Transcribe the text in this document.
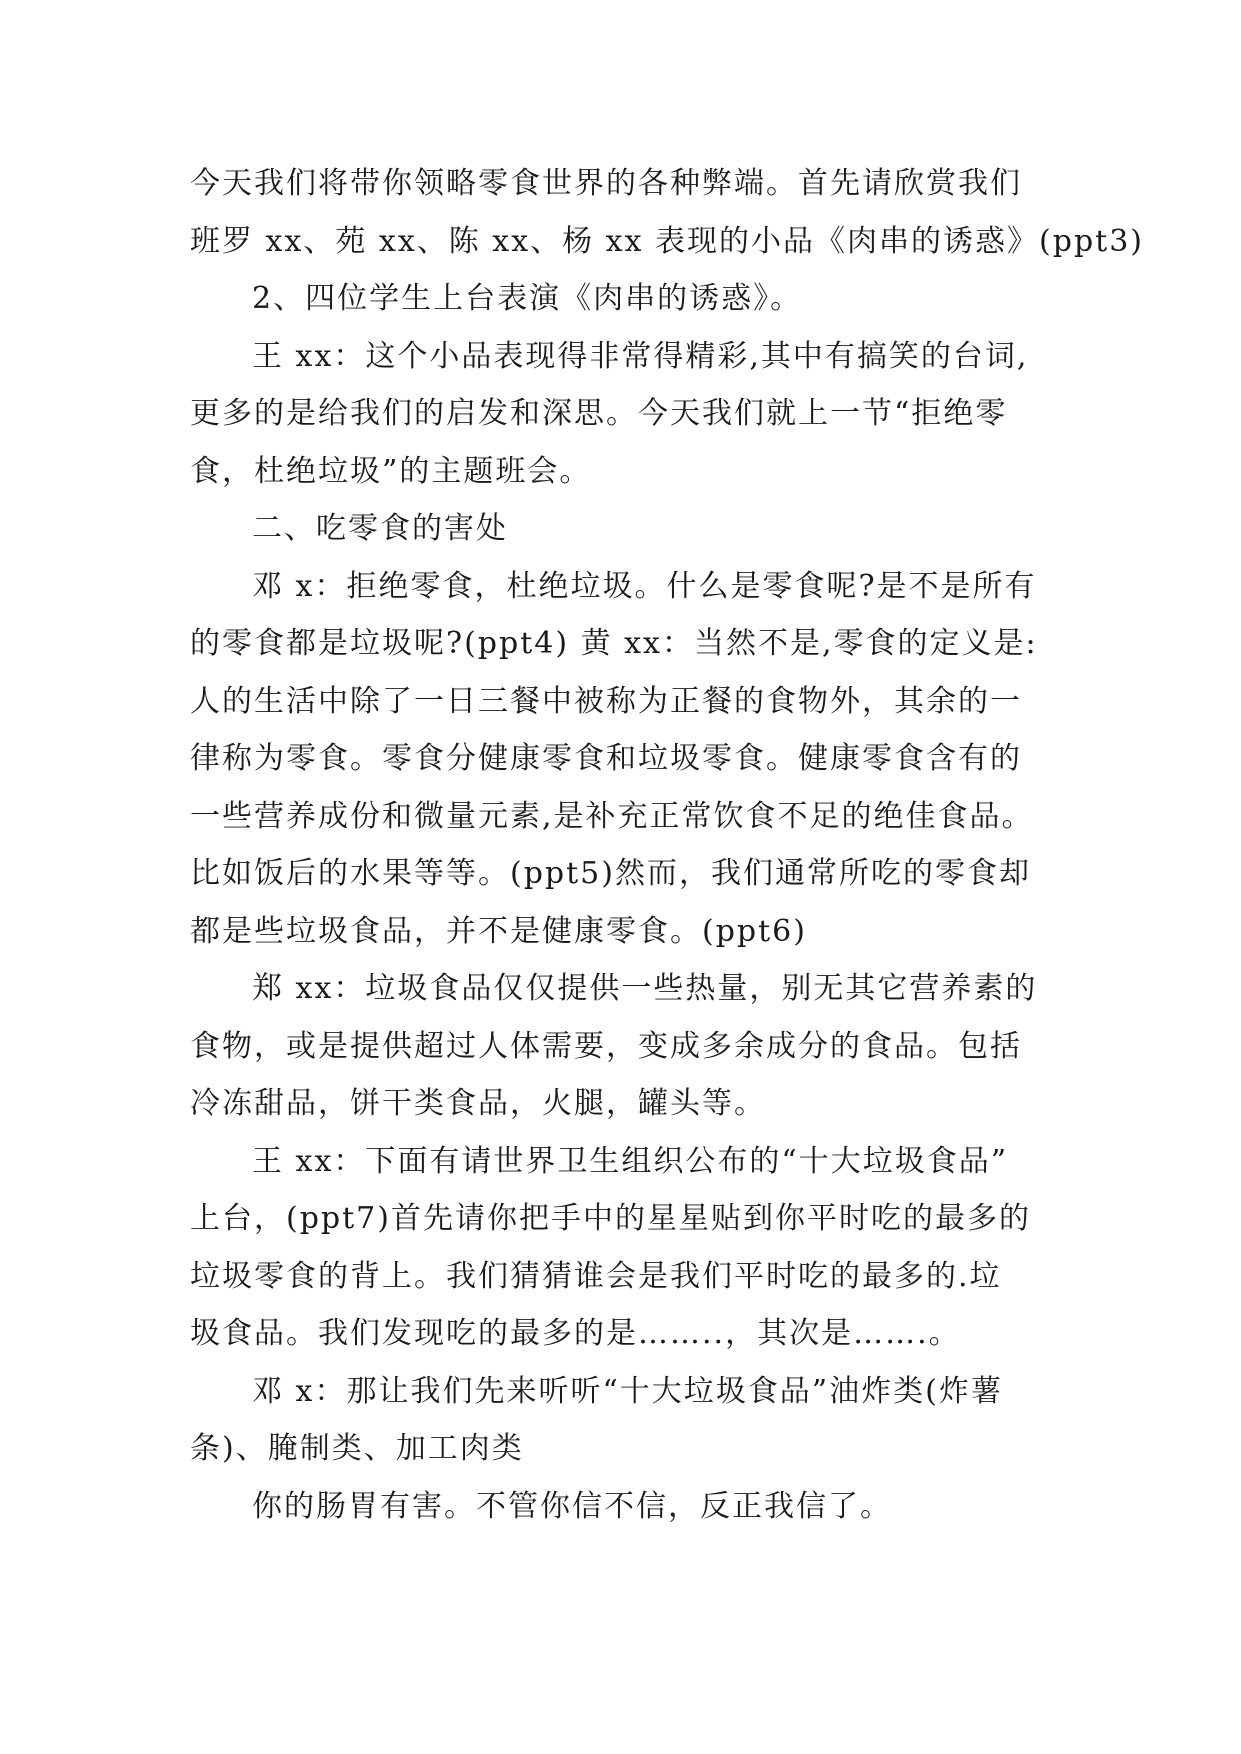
今天我们将带你领略零食世界的各种弊端。首先请欣赏我们
班罗 xx、苑 xx、陈 xx、杨 xx 表现的小品《肉串的诱惑》(ppt3)
2、四位学生上台表演《肉串的诱惑》。
王 xx：这个小品表现得非常得精彩,其中有搞笑的台词,
更多的是给我们的启发和深思。今天我们就上一节“拒绝零
食，杜绝垃圾”的主题班会。
二、吃零食的害处
邓 x：拒绝零食，杜绝垃圾。什么是零食呢?是不是所有
的零食都是垃圾呢?(ppt4) 黄 xx：当然不是,零食的定义是:
人的生活中除了一日三餐中被称为正餐的食物外，其余的一
律称为零食。零食分健康零食和垃圾零食。健康零食含有的
一些营养成份和微量元素,是补充正常饮食不足的绝佳食品。
比如饭后的水果等等。(ppt5)然而，我们通常所吃的零食却
都是些垃圾食品，并不是健康零食。(ppt6)
郑 xx：垃圾食品仅仅提供一些热量，别无其它营养素的
食物，或是提供超过人体需要，变成多余成分的食品。包括
冷冻甜品，饼干类食品，火腿，罐头等。
王 xx：下面有请世界卫生组织公布的“十大垃圾食品”
上台，(ppt7)首先请你把手中的星星贴到你平时吃的最多的
垃圾零食的背上。我们猜猜谁会是我们平时吃的最多的.垃
圾食品。我们发现吃的最多的是……..，其次是…….。
邓 x：那让我们先来听听“十大垃圾食品”油炸类(炸薯
条)、腌制类、加工肉类
你的肠胃有害。不管你信不信，反正我信了。
